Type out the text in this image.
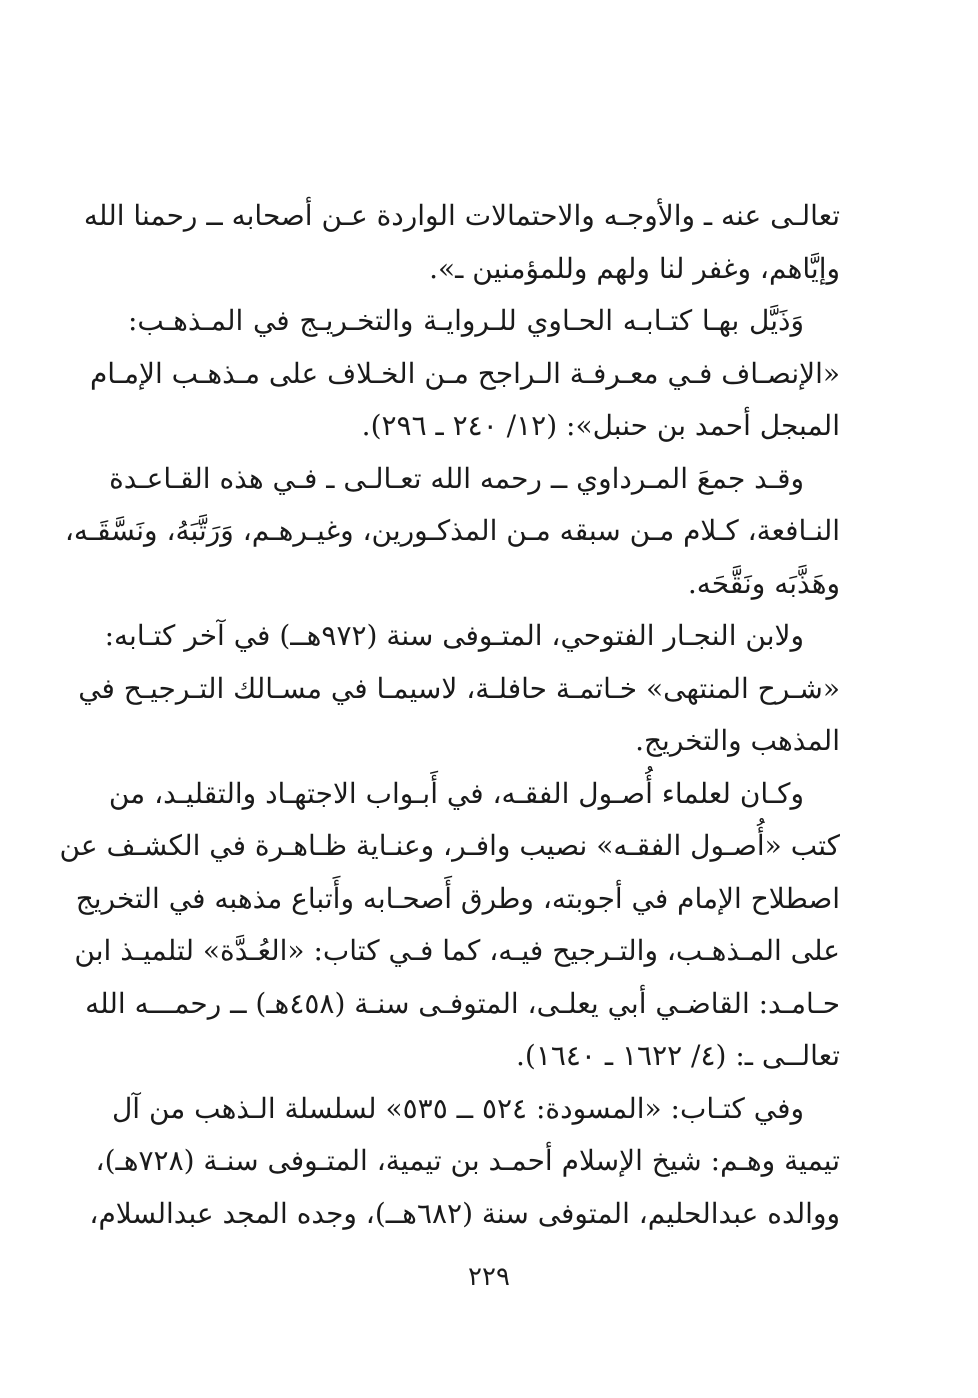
تعالـى عنه ـ والأوجـه والاحتمالات الواردة عـن أصحابه ــ رحمنا الله
وإيَّاهم، وغفر لنا ولهم وللمؤمنين ـ».
وَذَيَّل بهـا كتـابـه الحـاوي للـروايـة والتخـريـج في المـذهـب:
«الإنصـاف فـي معـرفـة الـراجح مـن الخـلاف على مـذهـب الإمـام
المبجل أحمد بن حنبل»: (١٢/ ٢٤٠ ـ ٢٩٦).
وقـد جمعَ المـرداوي ــ رحمه الله تعـالـى ـ فـي هذه القـاعـدة
النـافعة، كـلام مـن سبقه مـن المذكـورين، وغيـرهـم، وَرَتَّبَهُ، ونَسَّقَـه،
وهَذَّبَه ونَقَّحَه.
ولابن النجـار الفتوحي، المتـوفى سنة (٩٧٢هــ) في آخر كتـابه:
«شـرح المنتهى» خـاتمـة حافلـة، لاسيمـا في مسـالك التـرجيـح في
المذهب والتخريج.
وكـان لعلماء أُصـول الفقـه، في أَبـواب الاجتهـاد والتقليـد، من
كتب «أُصـول الفقـه» نصيب وافـر، وعنـاية ظـاهـرة في الكشـف عن
اصطلاح الإمام في أجوبته، وطرق أَصحـابه وأَتباع مذهبه في التخريج
على المـذهـب، والتـرجيح فيـه، كما فـي كتاب: «العُـدَّة» لتلميـذ ابن
حـامـد: القاضـي أبي يعلـى، المتوفـى سنـة (٤٥٨هـ) ــ رحمـــه الله
تعالــى ـ: (٤/ ١٦٢٢ ـ ١٦٤٠).
وفي كتـاب: «المسودة: ٥٢٤ ــ ٥٣٥» لسلسلة الـذهب من آل
تيمية وهـم: شيخ الإسلام أحمـد بن تيمية، المتـوفى سنـة (٧٢٨هـ)،
ووالده عبدالحليم، المتوفى سنة (٦٨٢هــ)، وجده المجد عبدالسلام،
٢٢٩
